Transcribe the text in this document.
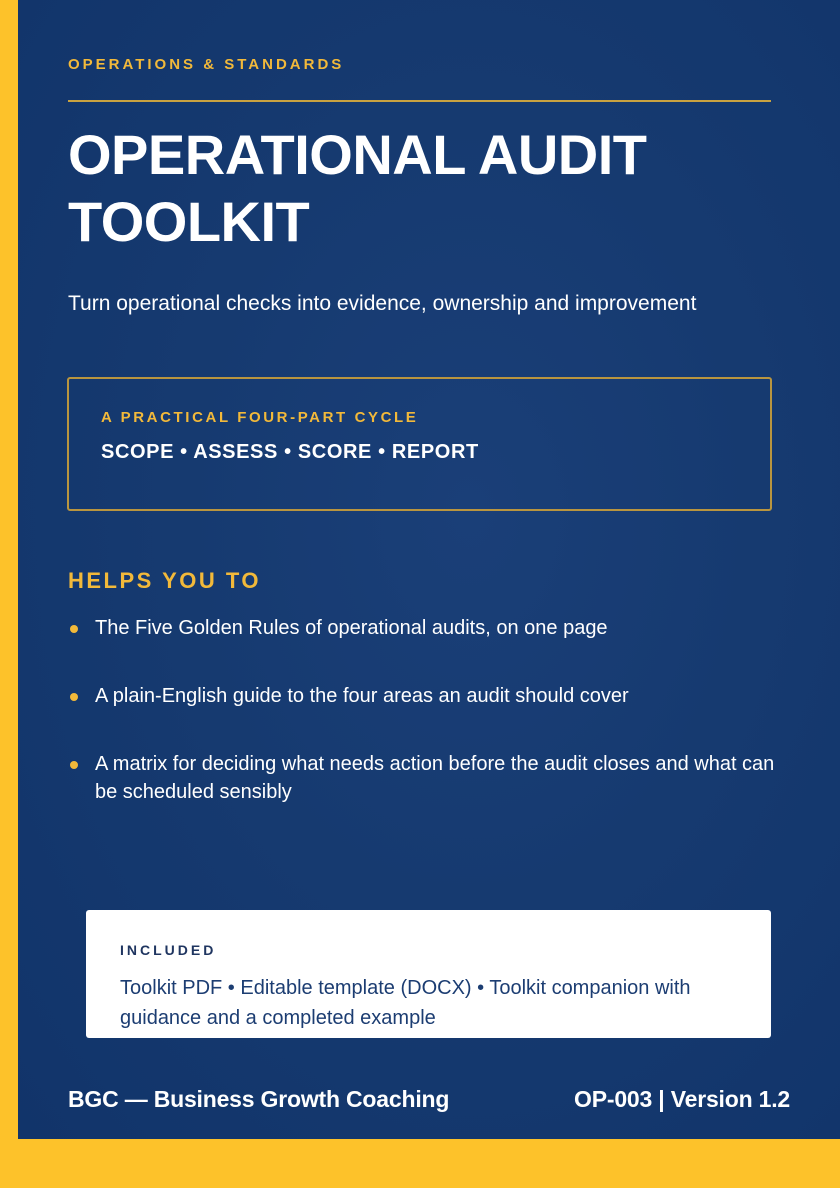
OPERATIONS & STANDARDS
OPERATIONAL AUDIT TOOLKIT
Turn operational checks into evidence, ownership and improvement
A PRACTICAL FOUR-PART CYCLE
SCOPE • ASSESS • SCORE • REPORT
HELPS YOU TO
The Five Golden Rules of operational audits, on one page
A plain-English guide to the four areas an audit should cover
A matrix for deciding what needs action before the audit closes and what can be scheduled sensibly
INCLUDED
Toolkit PDF • Editable template (DOCX) • Toolkit companion with guidance and a completed example
BGC — Business Growth Coaching	OP-003 | Version 1.2
